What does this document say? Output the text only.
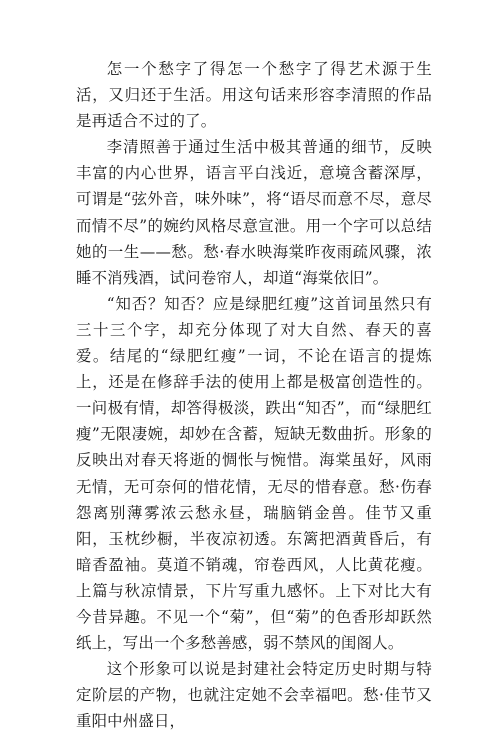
怎一个愁字了得怎一个愁字了得艺术源于生活，又归还于生活。用这句话来形容李清照的作品是再适合不过的了。

李清照善于通过生活中极其普通的细节，反映丰富的内心世界，语言平白浅近，意境含蓄深厚，可谓是“弦外音，味外味”，将“语尽而意不尽，意尽而情不尽”的婉约风格尽意宣泄。用一个字可以总结她的一生——愁。愁·春水映海棠昨夜雨疏风骤，浓睡不消残酒，试问卷帘人，却道“海棠依旧”。

“知否？知否？应是绿肥红瘦”这首词虽然只有三十三个字，却充分体现了对大自然、春天的喜爱。结尾的“绿肥红瘦”一词，不论在语言的提炼上，还是在修辞手法的使用上都是极富创造性的。一问极有情，却答得极淡，跌出“知否”，而“绿肥红瘦”无限凄婉，却妙在含蓄，短缺无数曲折。形象的反映出对春天将逝的惆怅与惋惜。海棠虽好，风雨无情，无可奈何的惜花情，无尽的惜春意。愁·伤春怨离别薄雾浓云愁永昼，瑞脑销金兽。佳节又重阳，玉枕纱橱，半夜凉初透。东篱把酒黄昏后，有暗香盈袖。莫道不销魂，帘卷西风，人比黄花瘦。上篇与秋凉情景，下片写重九感怀。上下对比大有今昔异趣。不见一个“菊”，但“菊”的色香形却跃然纸上，写出一个多愁善感，弱不禁风的闺阁人。

这个形象可以说是封建社会特定历史时期与特定阶层的产物，也就注定她不会幸福吧。愁·佳节又重阳中州盛日，
